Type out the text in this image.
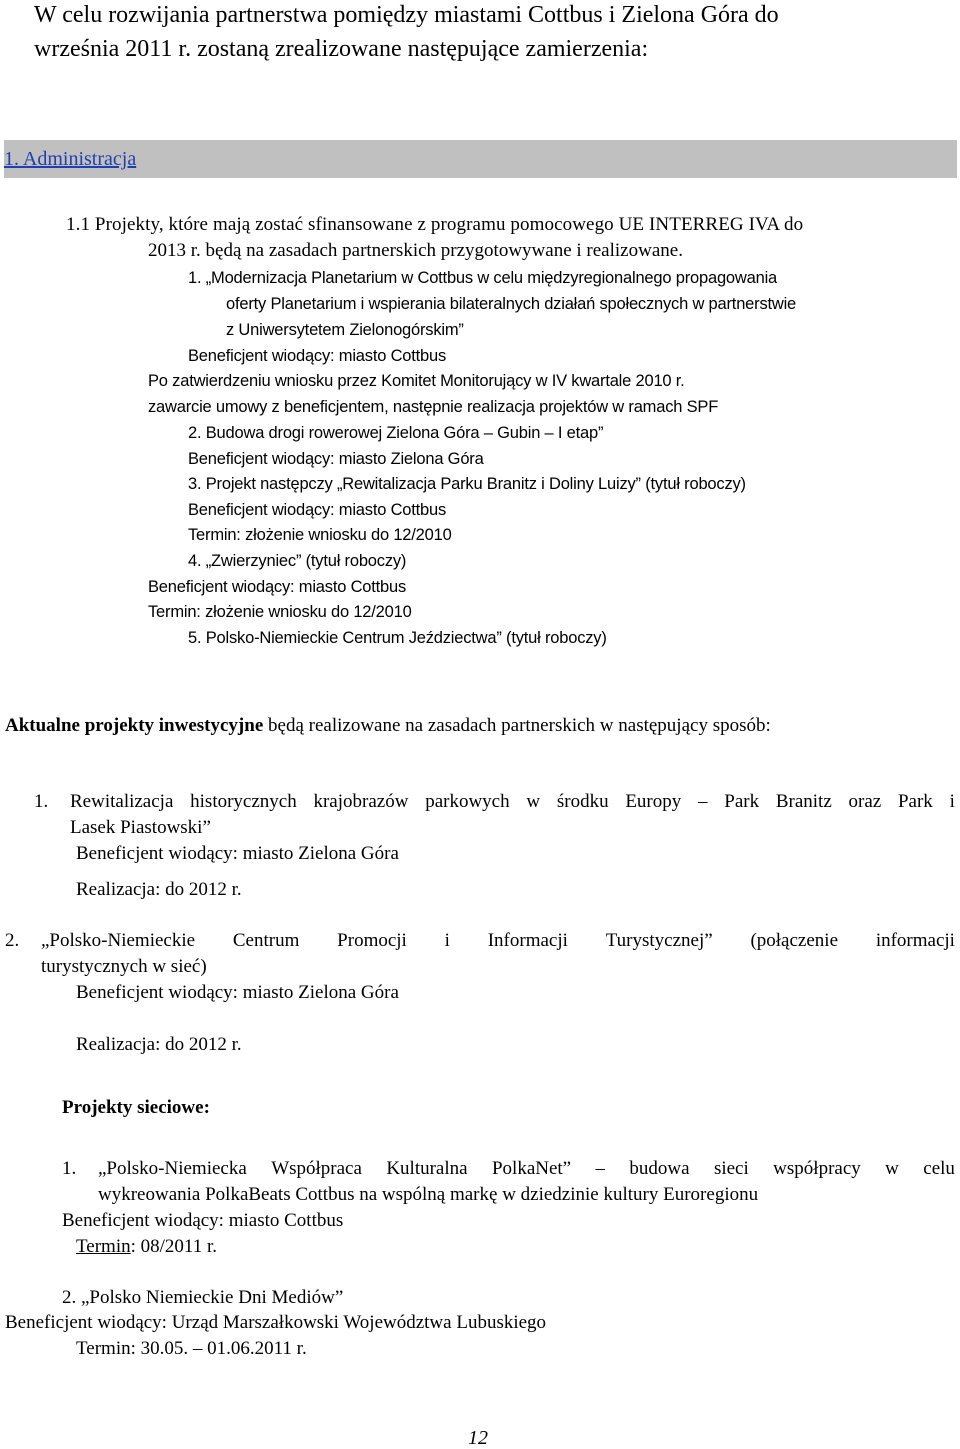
W celu rozwijania partnerstwa pomiędzy miastami Cottbus i Zielona Góra do
września 2011 r. zostaną zrealizowane następujące zamierzenia:
1. Administracja
1.1 Projekty, które mają zostać sfinansowane z programu pomocowego UE INTERREG IVA do
2013 r. będą na zasadach partnerskich przygotowywane i realizowane.
1. „Modernizacja Planetarium w Cottbus w celu międzyregionalnego propagowania
oferty Planetarium i wspierania bilateralnych działań społecznych w partnerstwie
z Uniwersytetem Zielonogórskim”
Beneficjent wiodący: miasto Cottbus
Po zatwierdzeniu wniosku przez Komitet Monitorujący w IV kwartale 2010 r.
zawarcie umowy z beneficjentem, następnie realizacja projektów w ramach SPF
2. Budowa drogi rowerowej Zielona Góra – Gubin – I etap”
Beneficjent wiodący: miasto Zielona Góra
3. Projekt następczy „Rewitalizacja Parku Branitz i Doliny Luizy” (tytuł roboczy)
Beneficjent wiodący: miasto Cottbus
Termin: złożenie wniosku do 12/2010
4. „Zwierzyniec” (tytuł roboczy)
Beneficjent wiodący: miasto Cottbus
Termin: złożenie wniosku do 12/2010
5. Polsko-Niemieckie Centrum Jeździectwa” (tytuł roboczy)
Aktualne projekty inwestycyjne będą realizowane na zasadach partnerskich w następujący sposób:
1. Rewitalizacja historycznych krajobrazów parkowych w środku Europy – Park Branitz oraz Park i
Lasek Piastowski”
Beneficjent wiodący: miasto Zielona Góra
Realizacja: do 2012 r.
2. „Polsko-Niemieckie Centrum Promocji i Informacji Turystycznej” (połączenie informacji
turystycznych w sieć)
Beneficjent wiodący: miasto Zielona Góra
Realizacja: do 2012 r.
Projekty sieciowe:
1. „Polsko-Niemiecka Współpraca Kulturalna PolkaNet” – budowa sieci współpracy w celu
wykreowania PolkaBeats Cottbus na wspólną markę w dziedzinie kultury Euroregionu
Beneficjent wiodący: miasto Cottbus
Termin: 08/2011 r.
2. „Polsko Niemieckie Dni Mediów”
Beneficjent wiodący: Urząd Marszałkowski Województwa Lubuskiego
Termin: 30.05. – 01.06.2011 r.
12
